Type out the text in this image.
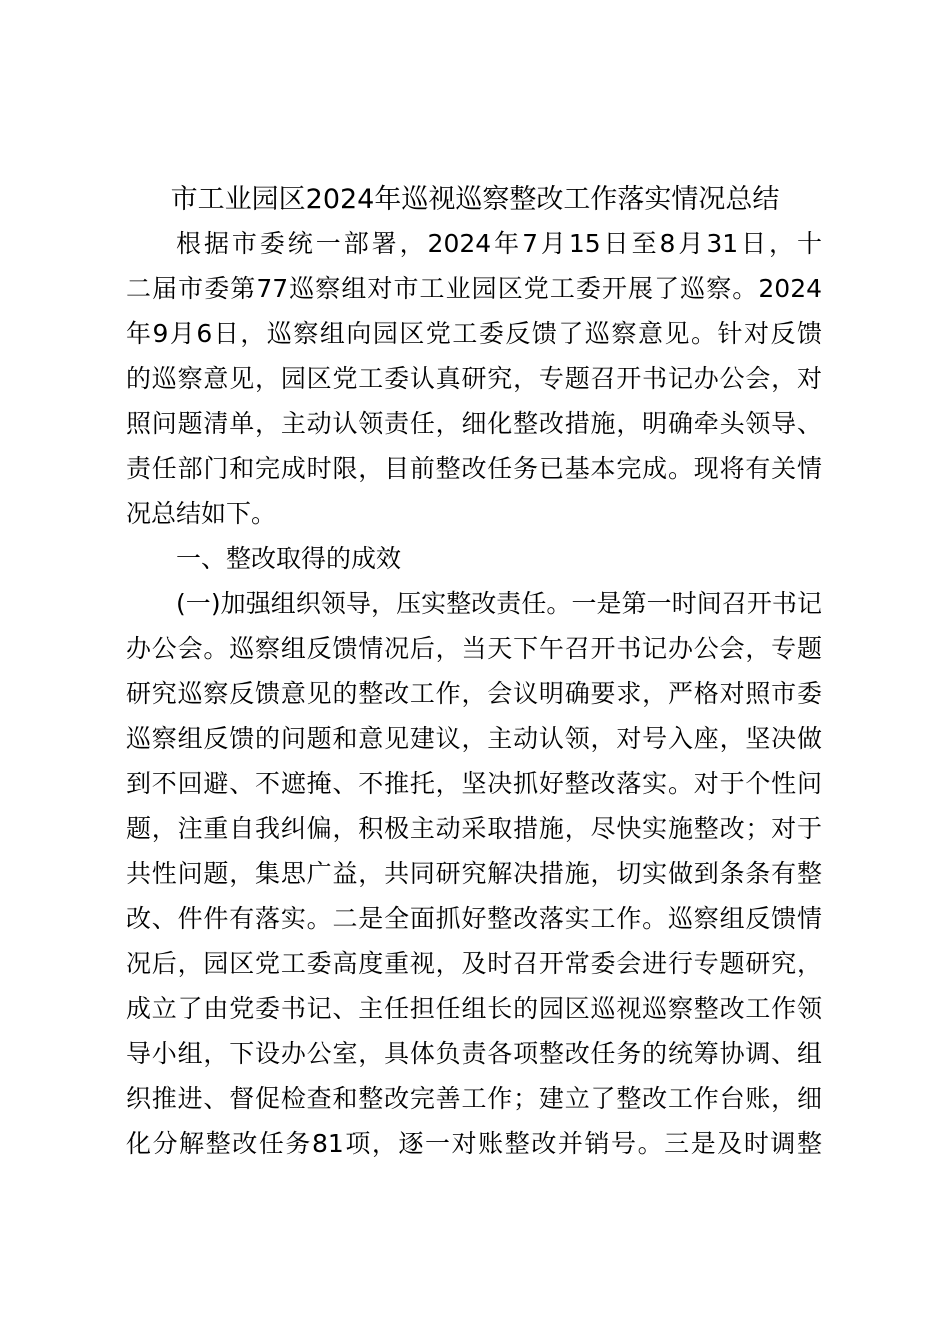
市工业园区2024年巡视巡察整改工作落实情况总结
根据市委统一部署，2024年7月15日至8月31日，十
二届市委第77巡察组对市工业园区党工委开展了巡察。2024
年9月6日，巡察组向园区党工委反馈了巡察意见。针对反馈
的巡察意见，园区党工委认真研究，专题召开书记办公会，对
照问题清单，主动认领责任，细化整改措施，明确牵头领导、
责任部门和完成时限，目前整改任务已基本完成。现将有关情
况总结如下。
一、整改取得的成效
(一)加强组织领导，压实整改责任。一是第一时间召开书记
办公会。巡察组反馈情况后，当天下午召开书记办公会，专题
研究巡察反馈意见的整改工作，会议明确要求，严格对照市委
巡察组反馈的问题和意见建议，主动认领，对号入座，坚决做
到不回避、不遮掩、不推托，坚决抓好整改落实。对于个性问
题，注重自我纠偏，积极主动采取措施，尽快实施整改；对于
共性问题，集思广益，共同研究解决措施，切实做到条条有整
改、件件有落实。二是全面抓好整改落实工作。巡察组反馈情
况后，园区党工委高度重视，及时召开常委会进行专题研究，
成立了由党委书记、主任担任组长的园区巡视巡察整改工作领
导小组，下设办公室，具体负责各项整改任务的统筹协调、组
织推进、督促检查和整改完善工作；建立了整改工作台账，细
化分解整改任务81项，逐一对账整改并销号。三是及时调整
